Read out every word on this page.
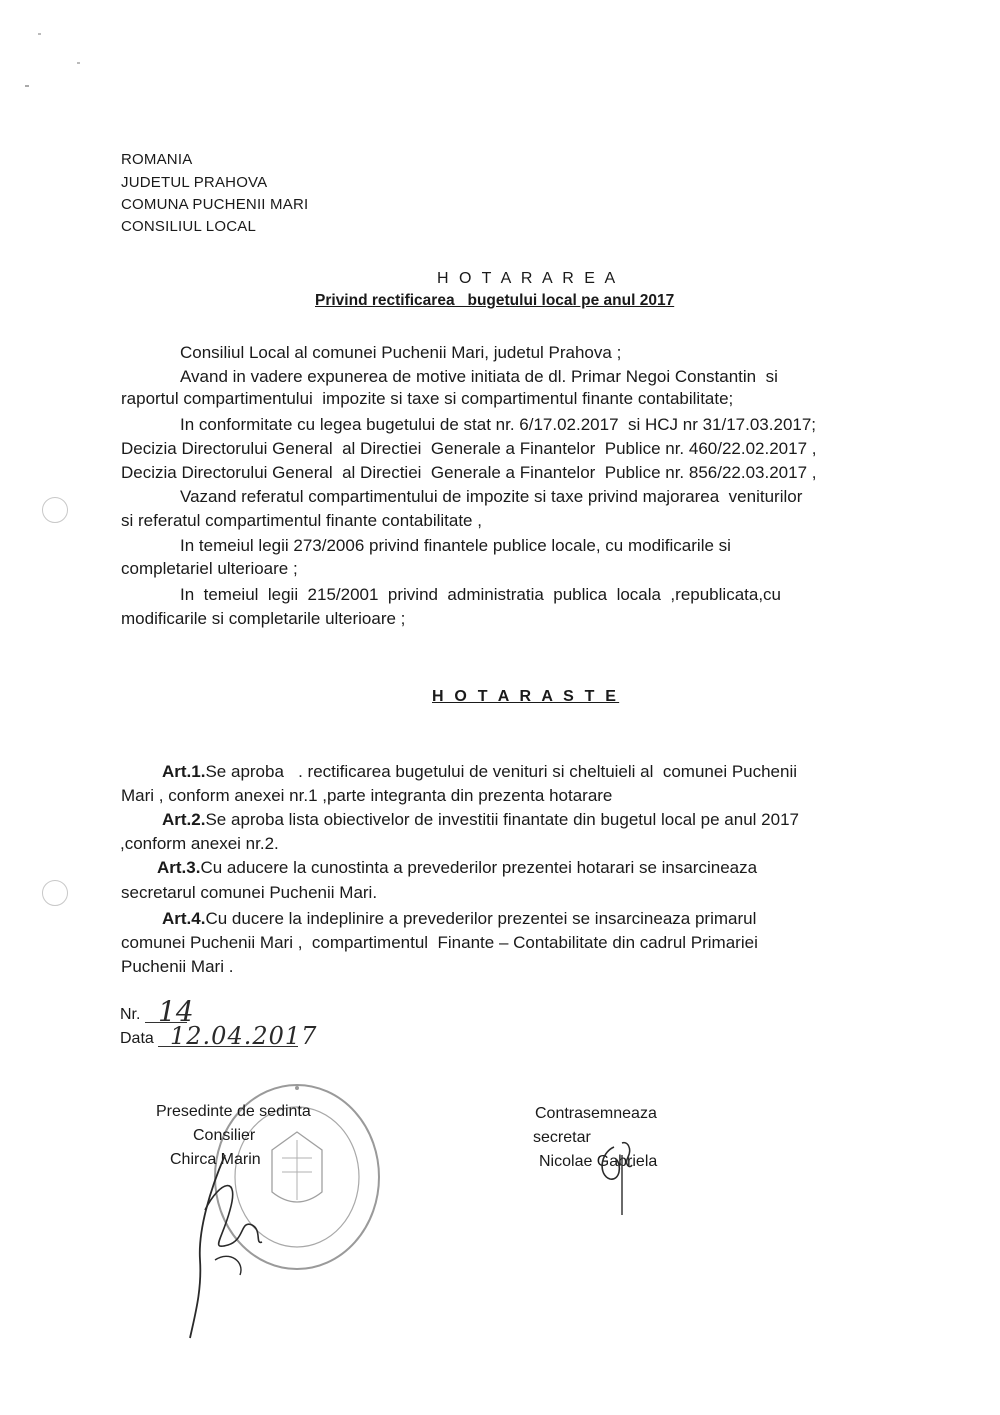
ROMANIA
JUDETUL PRAHOVA
COMUNA PUCHENII MARI
CONSILIUL LOCAL
H O T A R A R E A
Privind rectificarea   bugetului local pe anul 2017
Consiliul Local al comunei Puchenii Mari, judetul Prahova ;
Avand in vadere expunerea de motive initiata de dl. Primar Negoi Constantin  si
raportul compartimentului  impozite si taxe si compartimentul finante contabilitate;
In conformitate cu legea bugetului de stat nr. 6/17.02.2017  si HCJ nr 31/17.03.2017;
Decizia Directorului General  al Directiei  Generale a Finantelor  Publice nr. 460/22.02.2017 ,
Decizia Directorului General  al Directiei  Generale a Finantelor  Publice nr. 856/22.03.2017 ,
Vazand referatul compartimentului de impozite si taxe privind majorarea  veniturilor
si referatul compartimentul finante contabilitate ,
In temeiul legii 273/2006 privind finantele publice locale, cu modificarile si
completariel ulterioare ;
In  temeiul  legii  215/2001  privind  administratia  publica  locala  ,republicata,cu
modificarile si completarile ulterioare ;
H O T A R A S T E
Art.1.Se aproba   . rectificarea bugetului de venituri si cheltuieli al  comunei Puchenii
Mari , conform anexei nr.1 ,parte integranta din prezenta hotarare
Art.2.Se aproba lista obiectivelor de investitii finantate din bugetul local pe anul 2017
,conform anexei nr.2.
Art.3.Cu aducere la cunostinta a prevederilor prezentei hotarari se insarcineaza
secretarul comunei Puchenii Mari.
Art.4.Cu ducere la indeplinire a prevederilor prezentei se insarcineaza primarul
comunei Puchenii Mari ,  compartimentul  Finante – Contabilitate din cadrul Primariei
Puchenii Mari .
Nr. 14
Data 12.04.2017
Presedinte de sedinta
Consilier
Chirca Marin
Contrasemneaza
secretar
Nicolae Gabriela
